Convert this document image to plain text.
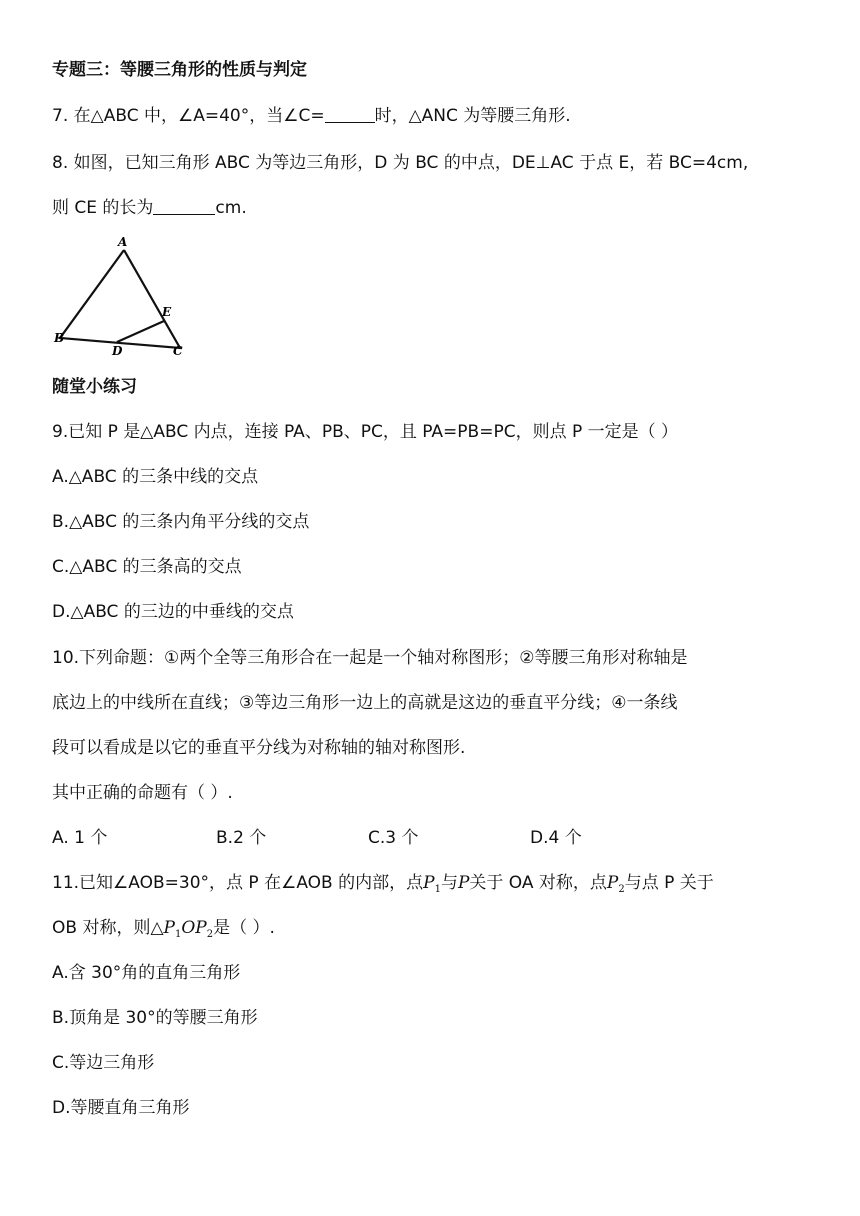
专题三：等腰三角形的性质与判定
7. 在△ABC 中，∠A=40°，当∠C=	时，△ANC 为等腰三角形.
8. 如图，已知三角形 ABC 为等边三角形，D 为 BC 的中点，DE⊥AC 于点 E，若 BC=4cm,
则 CE 的长为	cm.
A
B
C
D
E
随堂小练习
9.已知 P 是△ABC 内点，连接 PA、PB、PC，且 PA=PB=PC，则点 P 一定是（ ）
A.△ABC 的三条中线的交点
B.△ABC 的三条内角平分线的交点
C.△ABC 的三条高的交点
D.△ABC 的三边的中垂线的交点
10.下列命题：①两个全等三角形合在一起是一个轴对称图形；②等腰三角形对称轴是
底边上的中线所在直线；③等边三角形一边上的高就是这边的垂直平分线；④一条线
段可以看成是以它的垂直平分线为对称轴的轴对称图形.
其中正确的命题有（ ）.
A. 1 个	B.2 个	C.3 个	D.4 个
11.已知∠AOB=30°，点 P 在∠AOB 的内部，点$P_1$与P关于 OA 对称，点$P_2$与点 P 关于
OB 对称，则$\triangle P_1OP_2$是（ ）.
A.含 30°角的直角三角形
B.顶角是 30°的等腰三角形
C.等边三角形
D.等腰直角三角形
